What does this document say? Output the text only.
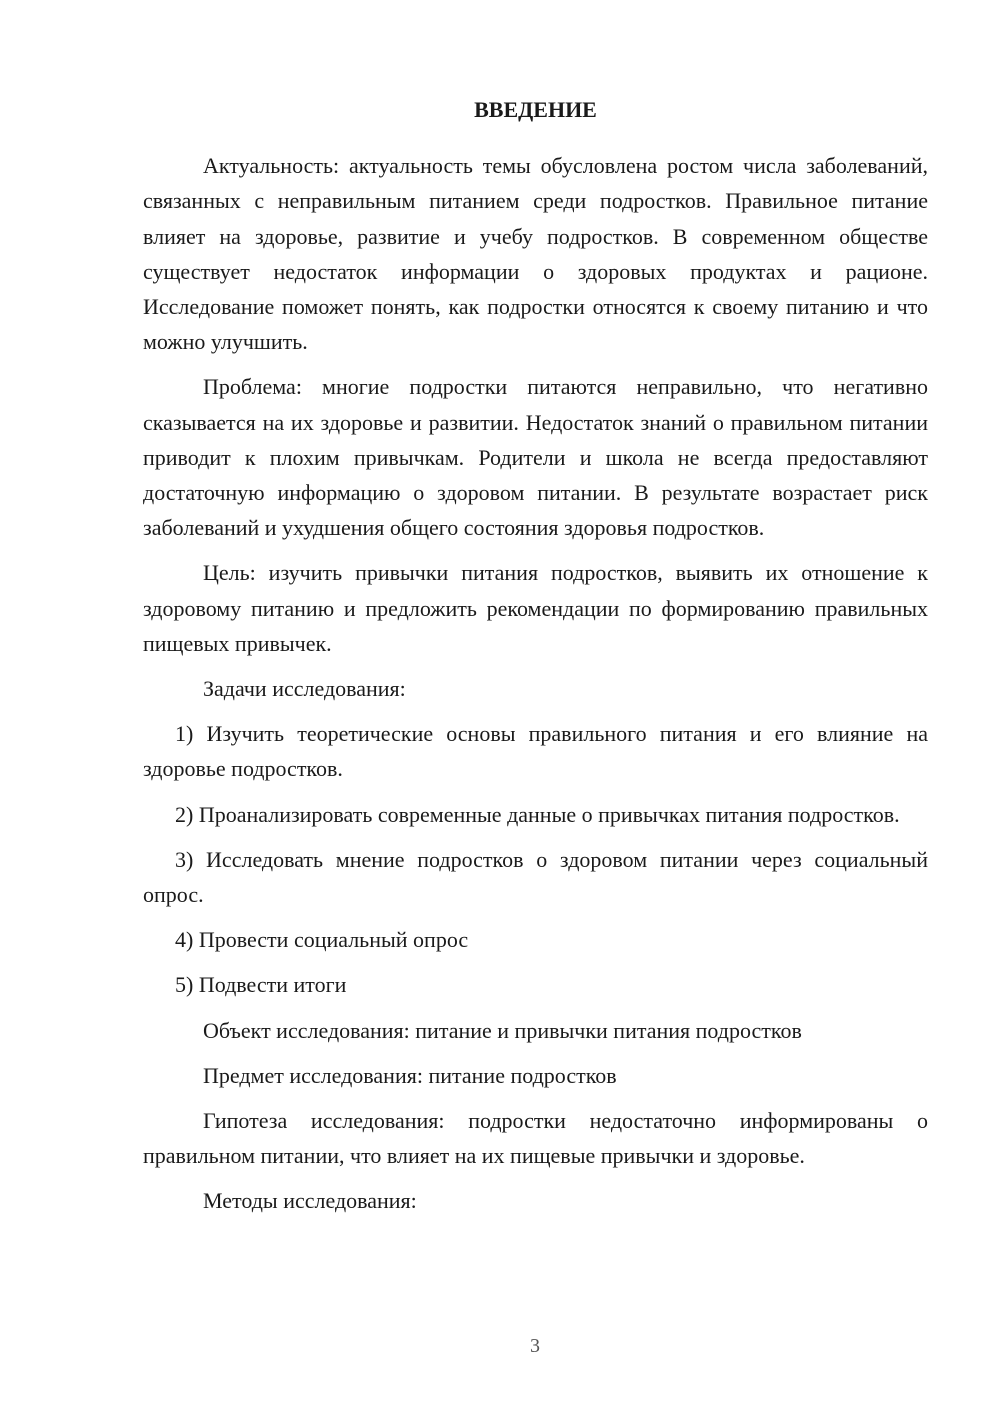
ВВЕДЕНИЕ

Актуальность: актуальность темы обусловлена ростом числа заболеваний, связанных с неправильным питанием среди подростков. Правильное питание влияет на здоровье, развитие и учебу подростков. В современном обществе существует недостаток информации о здоровых продуктах и рационе. Исследование поможет понять, как подростки относятся к своему питанию и что можно улучшить.

Проблема: многие подростки питаются неправильно, что негативно сказывается на их здоровье и развитии. Недостаток знаний о правильном питании приводит к плохим привычкам. Родители и школа не всегда предоставляют достаточную информацию о здоровом питании. В результате возрастает риск заболеваний и ухудшения общего состояния здоровья подростков.

Цель: изучить привычки питания подростков, выявить их отношение к здоровому питанию и предложить рекомендации по формированию правильных пищевых привычек.

Задачи исследования:

1) Изучить теоретические основы правильного питания и его влияние на здоровье подростков.

2) Проанализировать современные данные о привычках питания подростков.

3) Исследовать мнение подростков о здоровом питании через социальный опрос.

4) Провести социальный опрос

5) Подвести итоги

Объект исследования: питание и привычки питания подростков

Предмет исследования: питание подростков

Гипотеза исследования: подростки недостаточно информированы о правильном питании, что влияет на их пищевые привычки и здоровье.

Методы исследования:

3
